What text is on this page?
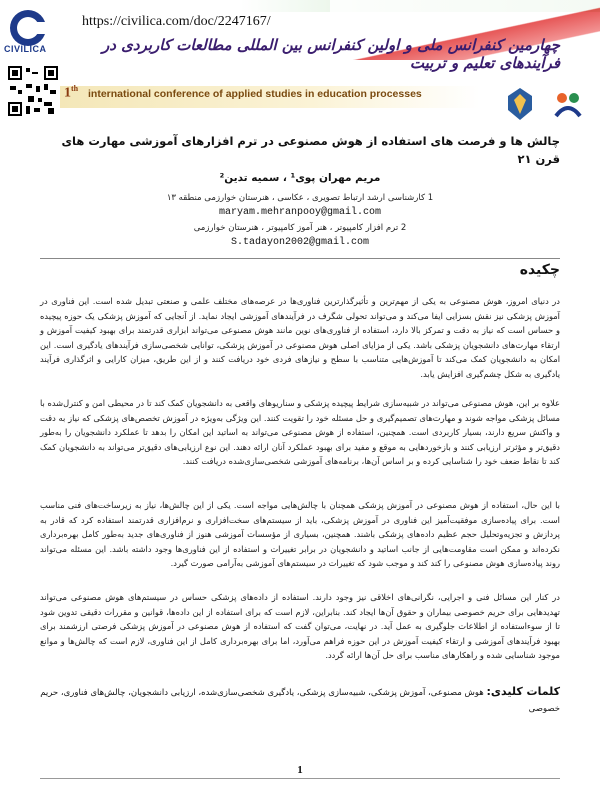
CIVILICA
https://civilica.com/doc/2247167/
چهارمین کنفرانس ملی و اولین کنفرانس بین المللی مطالعات کاربردی در فرآیندهای تعلیم و تربیت
1th international conference of applied studies in education processes
چالش ها و فرصت های استفاده از هوش مصنوعی در ترم افزارهای آموزشی مهارت های قرن ۲۱
مریم مهران پوی¹ ، سمیه تدین²
1 کارشناسی ارشد ارتباط تصویری ، عکاسی ، هنرستان خوارزمی منطقه ۱۳
maryam.mehranpooy@gmail.com
2 ترم افزار کامپیوتر ، هنر آموز کامپیوتر ، هنرستان خوارزمی
S.tadayon2002@gmail.com
چکیده
در دنیای امروز، هوش مصنوعی به یکی از مهم‌ترین و تأثیرگذارترین فناوری‌ها در عرصه‌های مختلف علمی و صنعتی تبدیل شده است. این فناوری در آموزش پزشکی نیز نقش بسزایی ایفا می‌کند و می‌تواند تحولی شگرف در فرآیندهای آموزشی ایجاد نماید. از آنجایی که آموزش پزشکی یک حوزه پیچیده و حساس است که نیاز به دقت و تمرکز بالا دارد، استفاده از فناوری‌های نوین مانند هوش مصنوعی می‌تواند ابزاری قدرتمند برای بهبود کیفیت آموزش و ارتقاء مهارت‌های دانشجویان پزشکی باشد. یکی از مزایای اصلی هوش مصنوعی در آموزش پزشکی، توانایی شخصی‌سازی فرآیندهای یادگیری است. این امکان به دانشجویان کمک می‌کند تا آموزش‌هایی متناسب با سطح و نیازهای فردی خود دریافت کنند و از این طریق، میزان کارایی و اثرگذاری فرآیند یادگیری به شکل چشم‌گیری افزایش یابد.
علاوه بر این، هوش مصنوعی می‌تواند در شبیه‌سازی شرایط پیچیده پزشکی و سناریوهای واقعی به دانشجویان کمک کند تا در محیطی امن و کنترل‌شده با مسائل پزشکی مواجه شوند و مهارت‌های تصمیم‌گیری و حل مسئله خود را تقویت کنند. این ویژگی به‌ویژه در آموزش تخصص‌های پزشکی که نیاز به دقت و واکنش سریع دارند، بسیار کاربردی است. همچنین، استفاده از هوش مصنوعی می‌تواند به اساتید این امکان را بدهد تا عملکرد دانشجویان را به‌طور دقیق‌تر و مؤثرتر ارزیابی کنند و بازخوردهایی به موقع و مفید برای بهبود عملکرد آنان ارائه دهند. این نوع ارزیابی‌های دقیق‌تر می‌تواند به دانشجویان کمک کند تا نقاط ضعف خود را شناسایی کرده و بر اساس آن‌ها، برنامه‌های آموزشی شخصی‌سازی‌شده دریافت کنند.
با این حال، استفاده از هوش مصنوعی در آموزش پزشکی همچنان با چالش‌هایی مواجه است. یکی از این چالش‌ها، نیاز به زیرساخت‌های فنی مناسب است. برای پیاده‌سازی موفقیت‌آمیز این فناوری در آموزش پزشکی، باید از سیستم‌های سخت‌افزاری و نرم‌افزاری قدرتمند استفاده کرد که قادر به پردازش و تجزیه‌وتحلیل حجم عظیم داده‌های پزشکی باشند. همچنین، بسیاری از مؤسسات آموزشی هنوز از فناوری‌های جدید به‌طور کامل بهره‌برداری نکرده‌اند و ممکن است مقاومت‌هایی از جانب اساتید و دانشجویان در برابر تغییرات و استفاده از این فناوری‌ها وجود داشته باشد. این مسئله می‌تواند روند پیاده‌سازی هوش مصنوعی را کند کند و موجب شود که تغییرات در سیستم‌های آموزشی به‌آرامی صورت گیرد.
در کنار این مسائل فنی و اجرایی، نگرانی‌های اخلاقی نیز وجود دارند. استفاده از داده‌های پزشکی حساس در سیستم‌های هوش مصنوعی می‌تواند تهدیدهایی برای حریم خصوصی بیماران و حقوق آن‌ها ایجاد کند. بنابراین، لازم است که برای استفاده از این داده‌ها، قوانین و مقررات دقیقی تدوین شود تا از سوءاستفاده از اطلاعات جلوگیری به عمل آید. در نهایت، می‌توان گفت که استفاده از هوش مصنوعی در آموزش پزشکی فرصتی ارزشمند برای بهبود فرآیندهای آموزشی و ارتقاء کیفیت آموزش در این حوزه فراهم می‌آورد، اما برای بهره‌برداری کامل از این فناوری، لازم است که چالش‌ها و موانع موجود شناسایی شده و راهکارهای مناسب برای حل آن‌ها ارائه گردد.
کلمات کلیدی: هوش مصنوعی، آموزش پزشکی، شبیه‌سازی پزشکی، یادگیری شخصی‌سازی‌شده، ارزیابی دانشجویان، چالش‌های فناوری، حریم خصوصی
1
